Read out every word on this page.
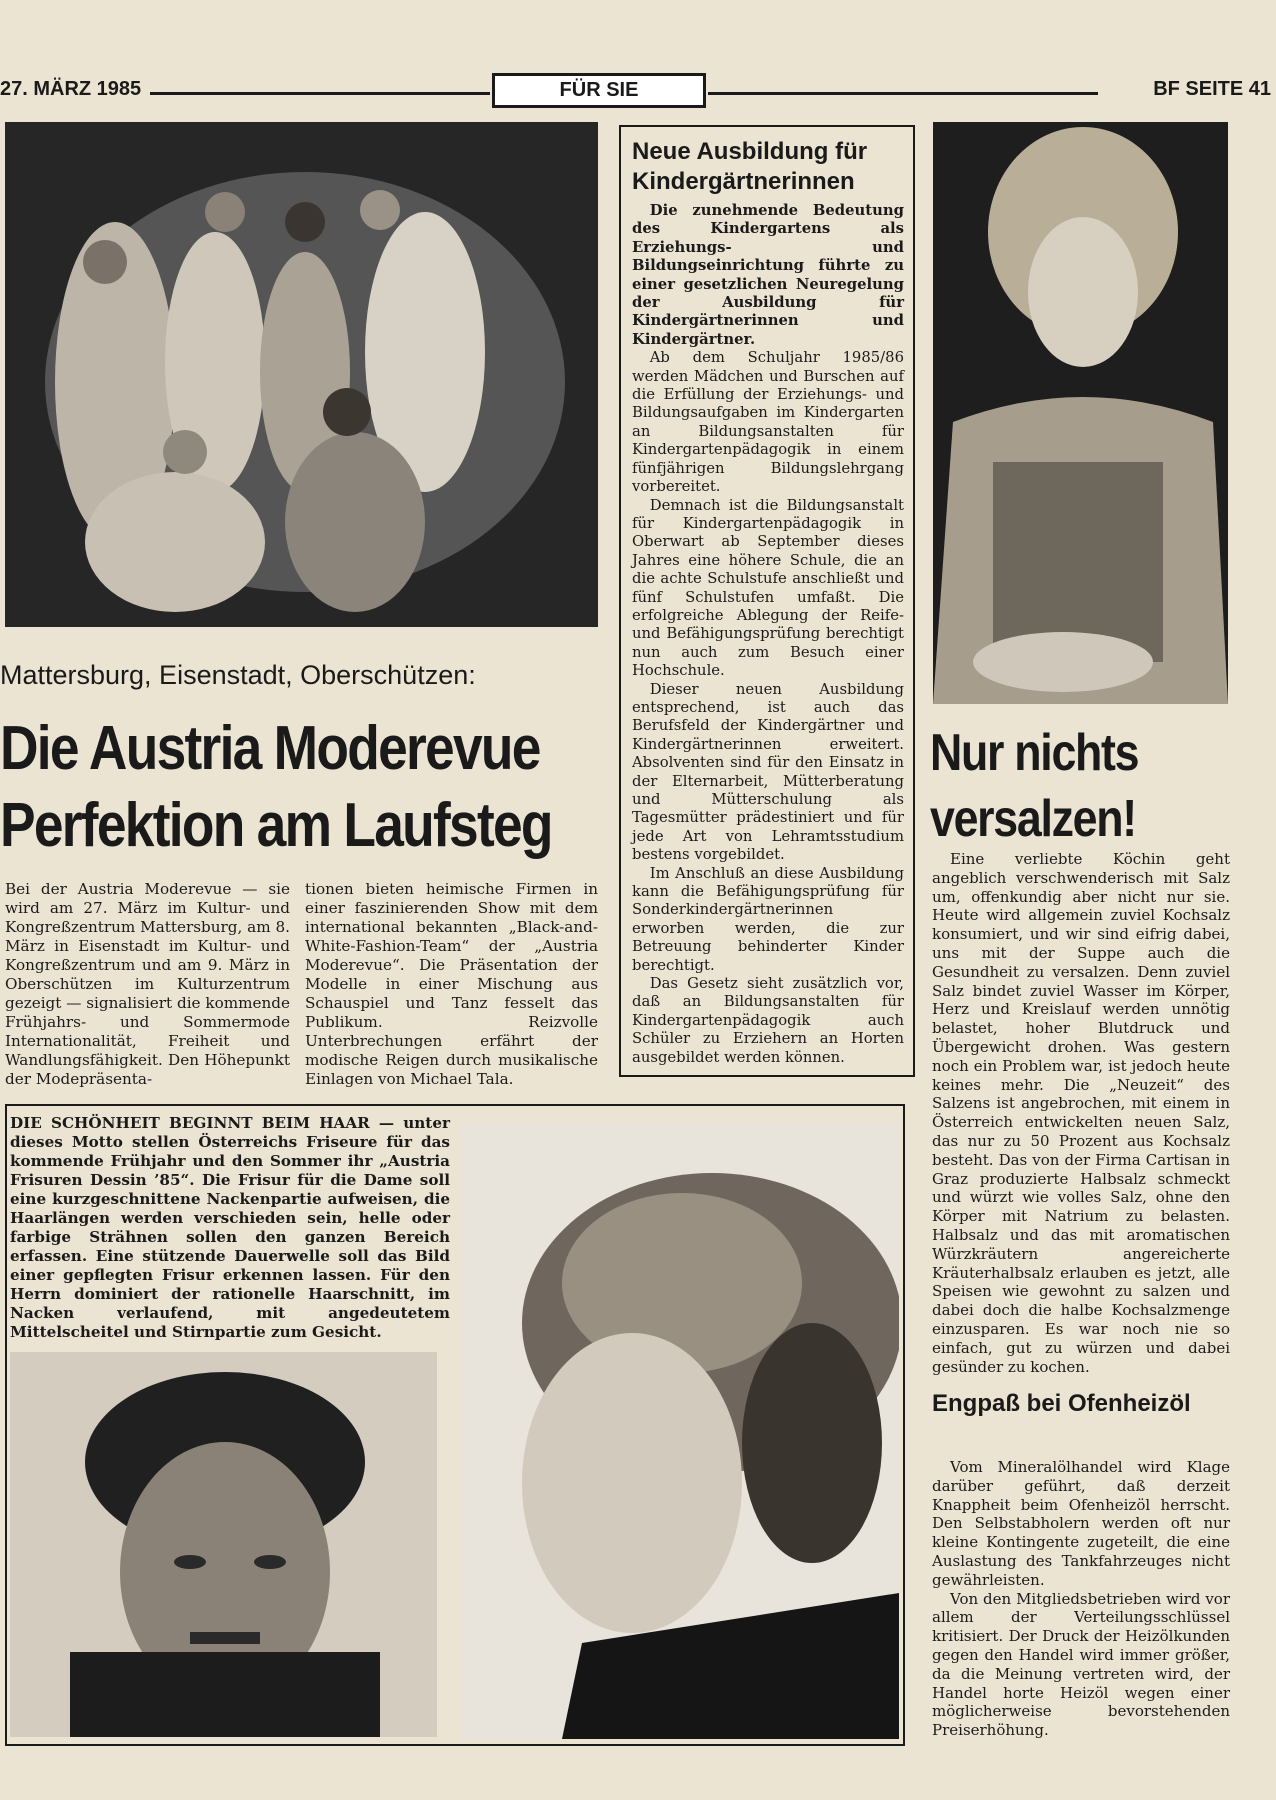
27. MÄRZ 1985	FÜR SIE	BF SEITE 41
Mattersburg, Eisenstadt, Oberschützen:
Die Austria Moderevue
Perfektion am Laufsteg

Bei der Austria Moderevue — sie wird am 27. März im Kultur- und Kongreßzentrum Mattersburg, am 8. März in Eisenstadt im Kultur- und Kongreßzentrum und am 9. März in Oberschützen im Kulturzentrum gezeigt — signalisiert die kommende Frühjahrs- und Sommermode Internationalität, Freiheit und Wandlungsfähigkeit. Den Höhepunkt der Modepräsenta-

tionen bieten heimische Firmen in einer faszinierenden Show mit dem international bekannten „Black-and-White-Fashion-Team“ der „Austria Moderevue“. Die Präsentation der Modelle in einer Mischung aus Schauspiel und Tanz fesselt das Publikum. Reizvolle Unterbrechungen erfährt der modische Reigen durch musikalische Einlagen von Michael Tala.

Neue Ausbildung für Kindergärtnerinnen

Die zunehmende Bedeutung des Kindergartens als Erziehungs- und Bildungseinrichtung führte zu einer gesetzlichen Neuregelung der Ausbildung für Kindergärtnerinnen und Kindergärtner.

Ab dem Schuljahr 1985/86 werden Mädchen und Burschen auf die Erfüllung der Erziehungs- und Bildungsaufgaben im Kindergarten an Bildungsanstalten für Kindergartenpädagogik in einem fünfjährigen Bildungslehrgang vorbereitet.

Demnach ist die Bildungsanstalt für Kindergartenpädagogik in Oberwart ab September dieses Jahres eine höhere Schule, die an die achte Schulstufe anschließt und fünf Schulstufen umfaßt. Die erfolgreiche Ablegung der Reife- und Befähigungsprüfung berechtigt nun auch zum Besuch einer Hochschule.

Dieser neuen Ausbildung entsprechend, ist auch das Berufsfeld der Kindergärtner und Kindergärtnerinnen erweitert. Absolventen sind für den Einsatz in der Elternarbeit, Mütterberatung und Mütterschulung als Tagesmütter prädestiniert und für jede Art von Lehramtsstudium bestens vorgebildet.

Im Anschluß an diese Ausbildung kann die Befähigungsprüfung für Sonderkindergärtnerinnen erworben werden, die zur Betreuung behinderter Kinder berechtigt.

Das Gesetz sieht zusätzlich vor, daß an Bildungsanstalten für Kindergartenpädagogik auch Schüler zu Erziehern an Horten ausgebildet werden können.

Nur nichts
versalzen!

Eine verliebte Köchin geht angeblich verschwenderisch mit Salz um, offenkundig aber nicht nur sie. Heute wird allgemein zuviel Kochsalz konsumiert, und wir sind eifrig dabei, uns mit der Suppe auch die Gesundheit zu versalzen. Denn zuviel Salz bindet zuviel Wasser im Körper, Herz und Kreislauf werden unnötig belastet, hoher Blutdruck und Übergewicht drohen. Was gestern noch ein Problem war, ist jedoch heute keines mehr. Die „Neuzeit“ des Salzens ist angebrochen, mit einem in Österreich entwickelten neuen Salz, das nur zu 50 Prozent aus Kochsalz besteht. Das von der Firma Cartisan in Graz produzierte Halbsalz schmeckt und würzt wie volles Salz, ohne den Körper mit Natrium zu belasten. Halbsalz und das mit aromatischen Würzkräutern angereicherte Kräuterhalbsalz erlauben es jetzt, alle Speisen wie gewohnt zu salzen und dabei doch die halbe Kochsalzmenge einzusparen. Es war noch nie so einfach, gut zu würzen und dabei gesünder zu kochen.

Engpaß bei Ofenheizöl

Vom Mineralölhandel wird Klage darüber geführt, daß derzeit Knappheit beim Ofenheizöl herrscht. Den Selbstabholern werden oft nur kleine Kontingente zugeteilt, die eine Auslastung des Tankfahrzeuges nicht gewährleisten.

Von den Mitgliedsbetrieben wird vor allem der Verteilungsschlüssel kritisiert. Der Druck der Heizölkunden gegen den Handel wird immer größer, da die Meinung vertreten wird, der Handel horte Heizöl wegen einer möglicherweise bevorstehenden Preiserhöhung.

DIE SCHÖNHEIT BEGINNT BEIM HAAR — unter dieses Motto stellen Österreichs Friseure für das kommende Frühjahr und den Sommer ihr „Austria Frisuren Dessin ’85“. Die Frisur für die Dame soll eine kurzgeschnittene Nackenpartie aufweisen, die Haarlängen werden verschieden sein, helle oder farbige Strähnen sollen den ganzen Bereich erfassen. Eine stützende Dauerwelle soll das Bild einer gepflegten Frisur erkennen lassen. Für den Herrn dominiert der rationelle Haarschnitt, im Nacken verlaufend, mit angedeutetem Mittelscheitel und Stirnpartie zum Gesicht.
